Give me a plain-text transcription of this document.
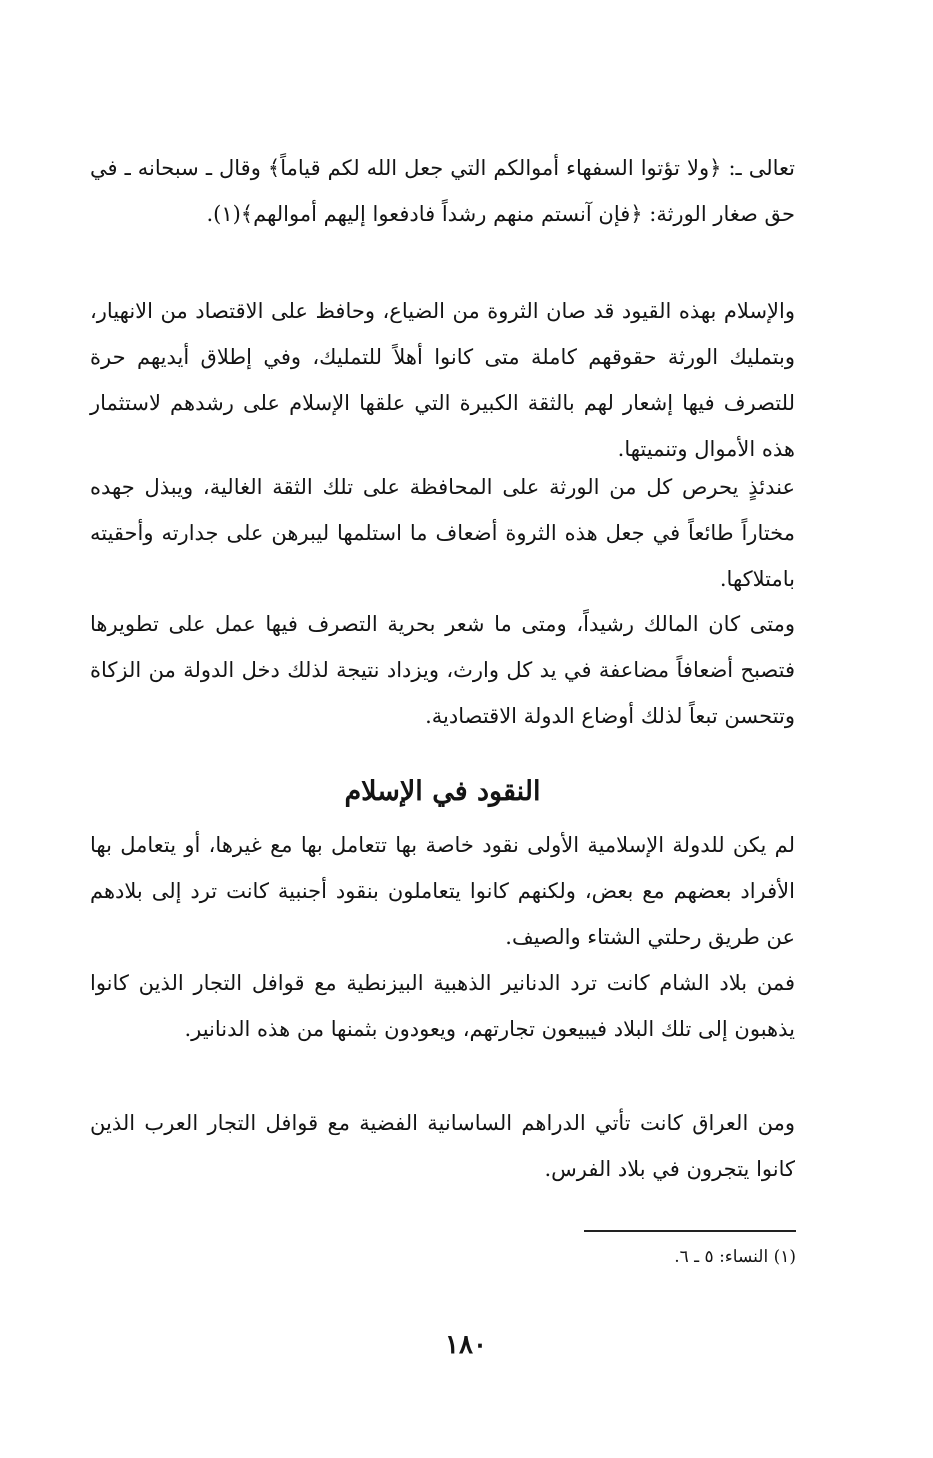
تعالى ـ: ﴿ولا تؤتوا السفهاء أموالكم التي جعل الله لكم قياماً﴾ وقال ـ سبحانه ـ في حق صغار الورثة: ﴿فإن آنستم منهم رشداً فادفعوا إليهم أموالهم﴾(١).

والإسلام بهذه القيود قد صان الثروة من الضياع، وحافظ على الاقتصاد من الانهيار، وبتمليك الورثة حقوقهم كاملة متى كانوا أهلاً للتمليك، وفي إطلاق أيديهم حرة للتصرف فيها إشعار لهم بالثقة الكبيرة التي علقها الإسلام على رشدهم لاستثمار هذه الأموال وتنميتها.

عندئذٍ يحرص كل من الورثة على المحافظة على تلك الثقة الغالية، ويبذل جهده مختاراً طائعاً في جعل هذه الثروة أضعاف ما استلمها ليبرهن على جدارته وأحقيته بامتلاكها.

ومتى كان المالك رشيداً، ومتى ما شعر بحرية التصرف فيها عمل على تطويرها فتصبح أضعافاً مضاعفة في يد كل وارث، ويزداد نتيجة لذلك دخل الدولة من الزكاة وتتحسن تبعاً لذلك أوضاع الدولة الاقتصادية.

النقود في الإسلام

لم يكن للدولة الإسلامية الأولى نقود خاصة بها تتعامل بها مع غيرها، أو يتعامل بها الأفراد بعضهم مع بعض، ولكنهم كانوا يتعاملون بنقود أجنبية كانت ترد إلى بلادهم عن طريق رحلتي الشتاء والصيف.

فمن بلاد الشام كانت ترد الدنانير الذهبية البيزنطية مع قوافل التجار الذين كانوا يذهبون إلى تلك البلاد فيبيعون تجارتهم، ويعودون بثمنها من هذه الدنانير.

ومن العراق كانت تأتي الدراهم الساسانية الفضية مع قوافل التجار العرب الذين كانوا يتجرون في بلاد الفرس.

(١) النساء: ٥ ـ ٦.

١٨٠
